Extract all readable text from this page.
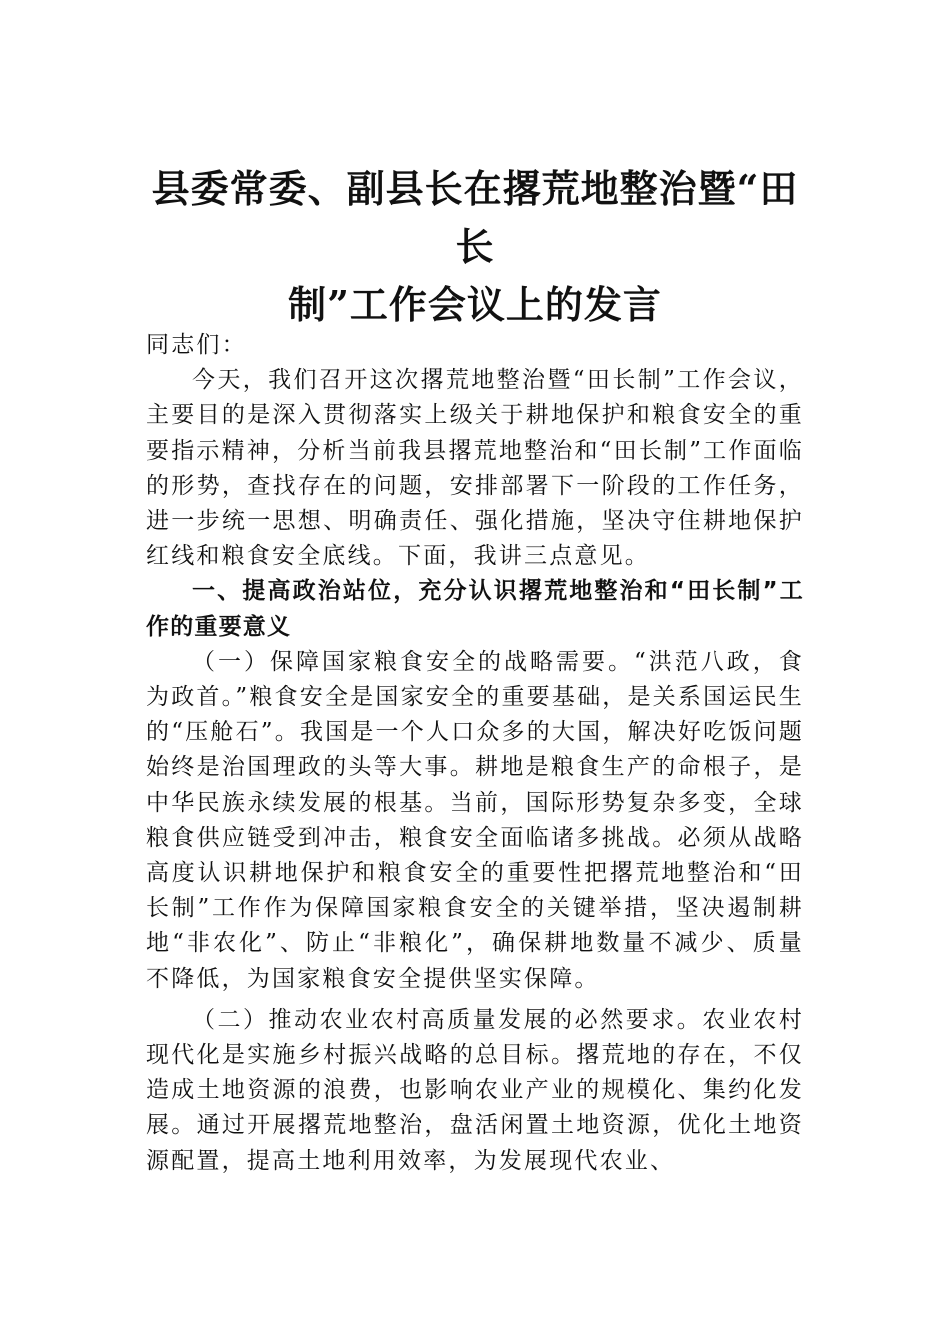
县委常委、副县长在撂荒地整治暨“田长
制”工作会议上的发言

同志们：

今天，我们召开这次撂荒地整治暨“田长制”工作会议，主要目的是深入贯彻落实上级关于耕地保护和粮食安全的重要指示精神，分析当前我县撂荒地整治和“田长制”工作面临的形势，查找存在的问题，安排部署下一阶段的工作任务，进一步统一思想、明确责任、强化措施，坚决守住耕地保护红线和粮食安全底线。下面，我讲三点意见。

一、提高政治站位，充分认识撂荒地整治和“田长制”工作的重要意义

（一）保障国家粮食安全的战略需要。“洪范八政，食为政首。”粮食安全是国家安全的重要基础，是关系国运民生的“压舱石”。我国是一个人口众多的大国，解决好吃饭问题始终是治国理政的头等大事。耕地是粮食生产的命根子，是中华民族永续发展的根基。当前，国际形势复杂多变，全球粮食供应链受到冲击，粮食安全面临诸多挑战。必须从战略高度认识耕地保护和粮食安全的重要性把撂荒地整治和“田长制”工作作为保障国家粮食安全的关键举措，坚决遏制耕地“非农化”、防止“非粮化”，确保耕地数量不减少、质量不降低，为国家粮食安全提供坚实保障。

（二）推动农业农村高质量发展的必然要求。农业农村现代化是实施乡村振兴战略的总目标。撂荒地的存在，不仅造成土地资源的浪费，也影响农业产业的规模化、集约化发展。通过开展撂荒地整治，盘活闲置土地资源，优化土地资源配置，提高土地利用效率，为发展现代农业、
